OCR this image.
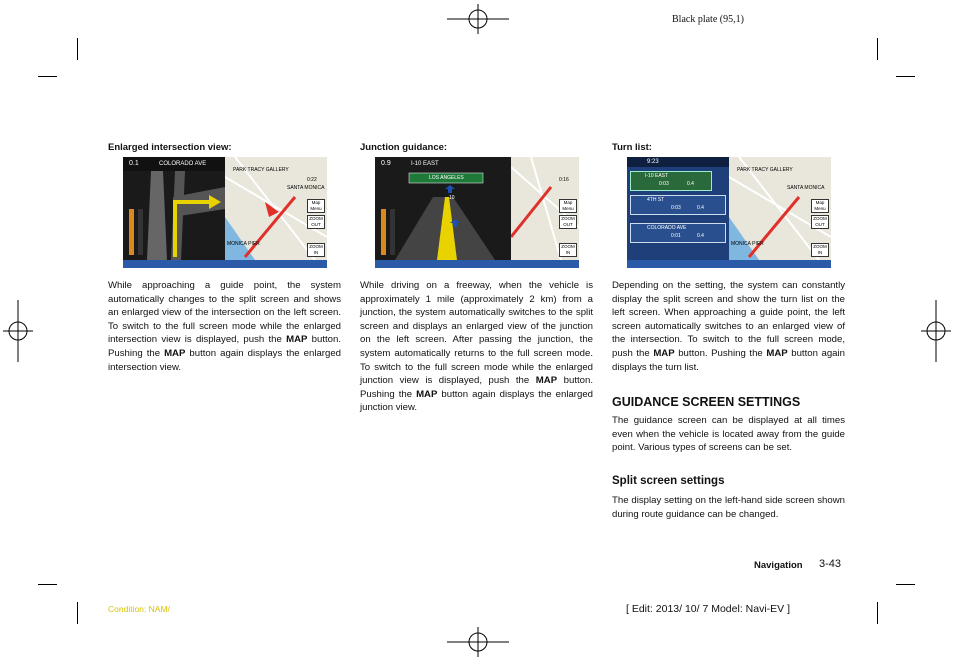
Black plate (95,1)
Enlarged intersection view:
0.1	COLORADO AVE
PARK TRACY GALLERY
SANTA MONICA
MONICA PIER
0:22
Map Menu
ZOOM OUT
ZOOM IN
While approaching a guide point, the system automatically changes to the split screen and shows an enlarged view of the intersection on the left screen. To switch to the full screen mode while the enlarged intersection view is displayed, push the MAP button. Pushing the MAP button again displays the enlarged intersection view.
Junction guidance:
0.9	I-10 EAST
LOS ANGELES
10
0:16
Map Menu
ZOOM OUT
ZOOM IN
While driving on a freeway, when the vehicle is approximately 1 mile (approximately 2 km) from a junction, the system automatically switches to the split screen and displays an enlarged view of the junction on the left screen. After passing the junction, the system automatically returns to the full screen mode. To switch to the full screen mode while the enlarged junction view is displayed, push the MAP button. Pushing the MAP button again displays the enlarged junction view.
Turn list:
9:23
I-10 EAST
0:03	0.4
4TH ST
0:03	0.4
COLORADO AVE
0:01	0.4
PARK TRACY GALLERY
SANTA MONICA
MONICA PIER
Map Menu
ZOOM OUT
ZOOM IN
Depending on the setting, the system can constantly display the split screen and show the turn list on the left screen. When approaching a guide point, the left screen automatically switches to an enlarged view of the intersection. To switch to the full screen mode, push the MAP button. Pushing the MAP button again displays the turn list.
GUIDANCE SCREEN SETTINGS
The guidance screen can be displayed at all times even when the vehicle is located away from the guide point. Various types of screens can be set.
Split screen settings
The display setting on the left-hand side screen shown during route guidance can be changed.
Navigation 3-43
Condition: NAM/	[ Edit: 2013/ 10/ 7 Model: Navi-EV ]
